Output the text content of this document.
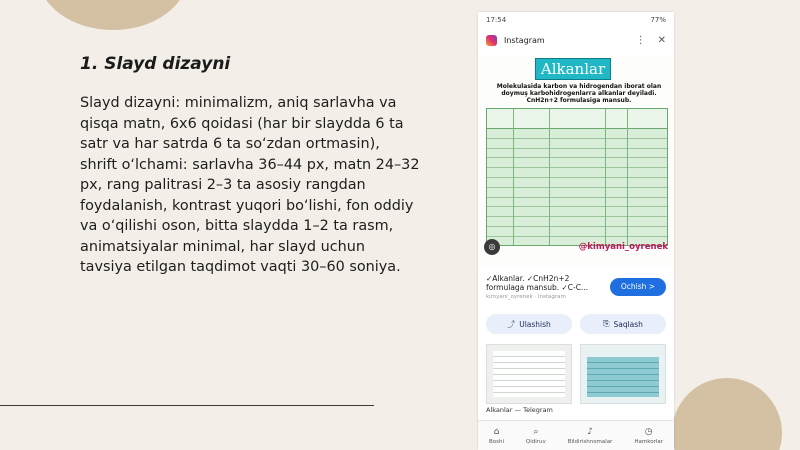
1. Slayd dizayni

Slayd dizayni: minimalizm, aniq sarlavha va qisqa matn, 6x6 qoidasi (har bir slaydda 6 ta satr va har satrda 6 ta so‘zdan ortmasin), shrift o‘lchami: sarlavha 36–44 px, matn 24–32 px, rang palitrasi 2–3 ta asosiy rangdan foydalanish, kontrast yuqori bo‘lishi, fon oddiy va o‘qilishi oson, bitta slaydda 1–2 ta rasm, animatsiyalar minimal, har slayd uchun tavsiya etilgan taqdimot vaqti 30–60 soniya.

17:54	77%
Instagram	⋮ ✕
Alkanlar
Molekulasida karbon va hidrogendan iborat olan doymuş karbohidrogenlarга alkanlar deyiladi. CnH2n+2 formulasiga mansub.
◎	@kimyani_oyrenek
✓Alkanlar. ✓CnH2n+2 formulaga mansub. ✓C-C...
kimyani_oyrenek · Instagram
Ochish >
⤴ Ulashish	⎘ Saqlash
Alkanlar — Telegram
⌂
Boshi
⌕
Qidiruv
♪
Bildirishnomalar
◷
Hamkorlar
